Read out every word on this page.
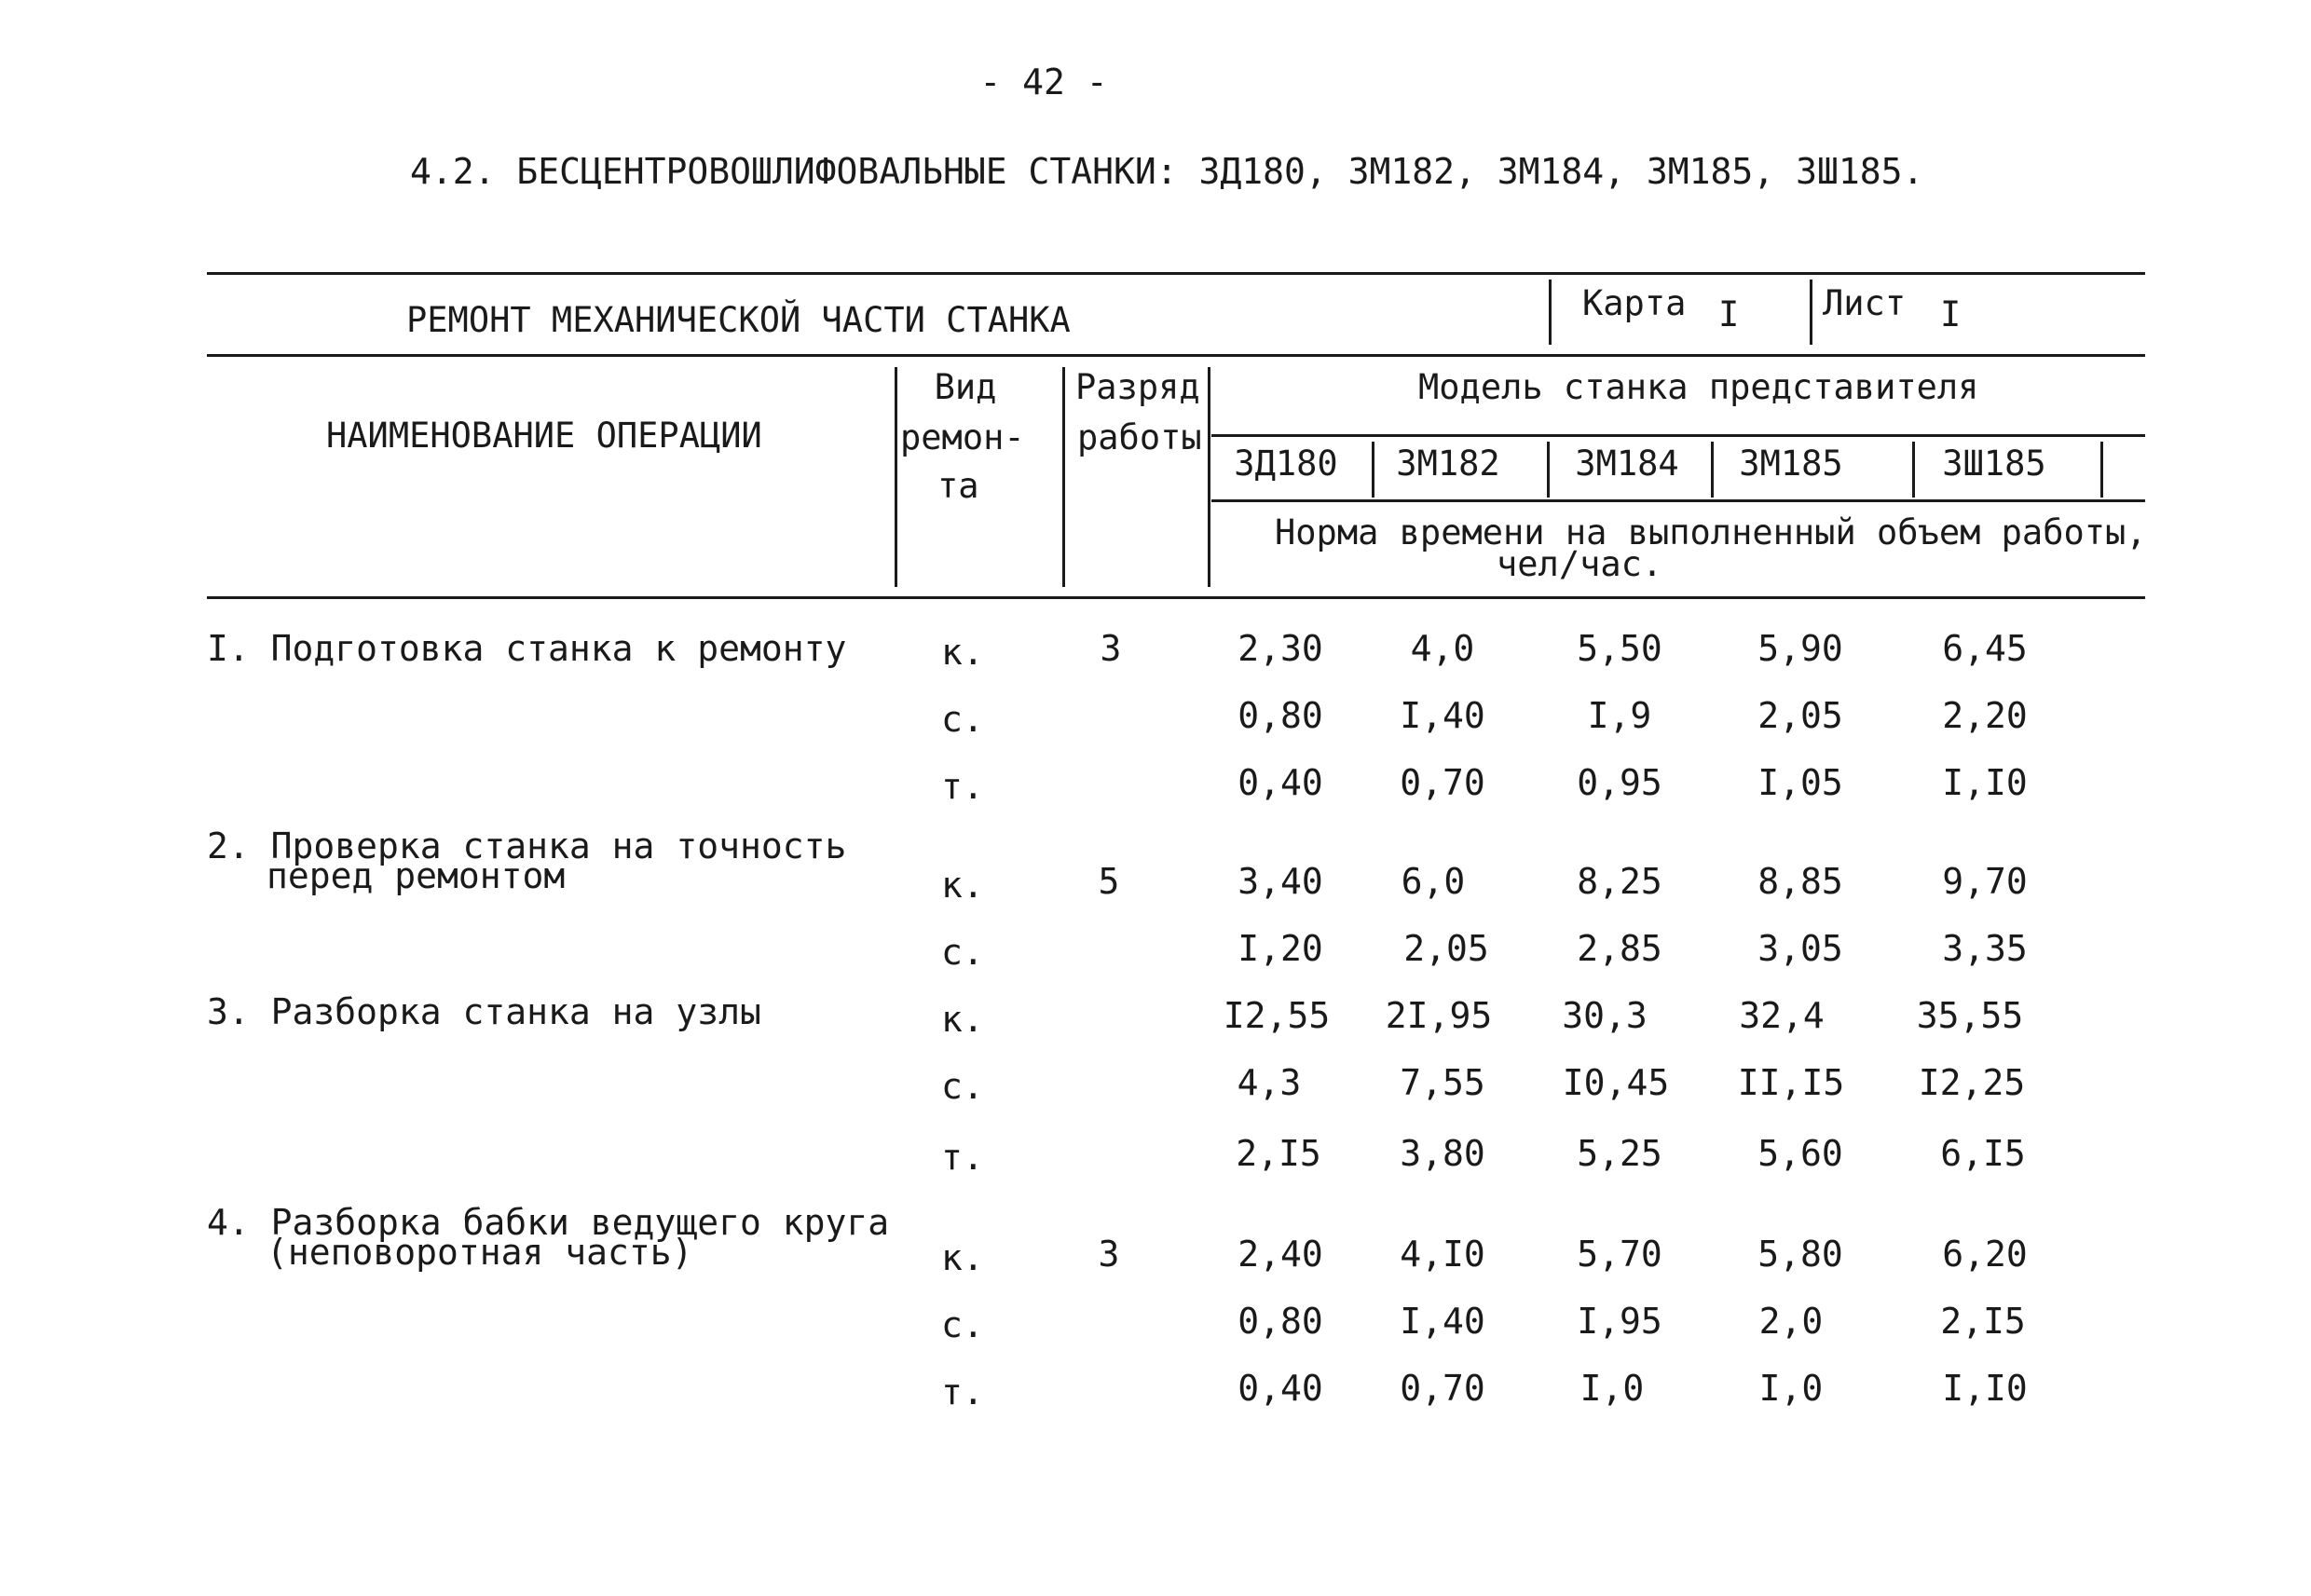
- 42 -
4.2. БЕСЦЕНТРОВОШЛИФОВАЛЬНЫЕ СТАНКИ: 3Д180, 3М182, 3М184, 3М185, 3Ш185.
РЕМОНТ МЕХАНИЧЕСКОЙ ЧАСТИ СТАНКА	Карта I Лист I
НАИМЕНОВАНИЕ ОПЕРАЦИИ
Вид
ремон-
та
Разряд
работы
Модель станка представителя
3Д180 3М182 3М184 3М185	3Ш185
Норма времени на выполненный объем работы,
чел/час.
I. Подготовка станка к ремонту	к.	3	2,30 4,0	5,50	5,90	6,45
с.	0,80 I,40	I,9	2,05	2,20
т.	0,40 0,70	0,95	I,05	I,I0
2. Проверка станка на точность
перед ремонтом	к.	5	3,40 6,0	8,25	8,85	9,70
с.	I,20 2,05 2,85	3,05	3,35
3. Разборка станка на узлы	к.	I2,55 2I,95 30,3	32,4	35,55
с.	4,3	7,55 I0,45 II,I5 I2,25
т.	2,I5 3,80	5,25	5,60	6,I5
4. Разборка бабки ведущего круга
(неповоротная часть)	к.	3	2,40 4,I0	5,70	5,80	6,20
с.	0,80 I,40	I,95	2,0	2,I5
т.	0,40 0,70	I,0	I,0	I,I0
